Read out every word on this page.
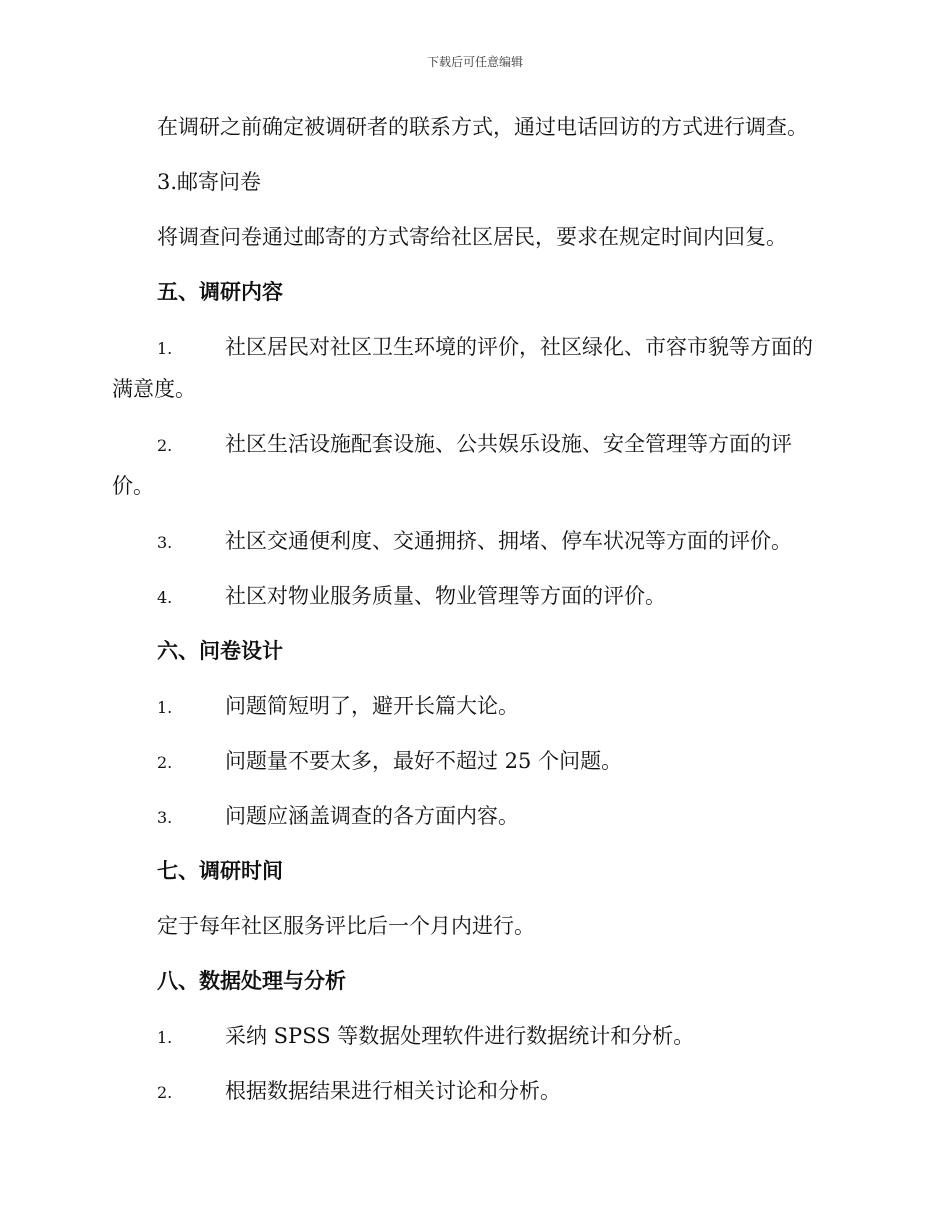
下载后可任意编辑
在调研之前确定被调研者的联系方式，通过电话回访的方式进行调查。
3.邮寄问卷
将调查问卷通过邮寄的方式寄给社区居民，要求在规定时间内回复。
五、调研内容
1.	社区居民对社区卫生环境的评价，社区绿化、市容市貌等方面的
满意度。
2.	社区生活设施配套设施、公共娱乐设施、安全管理等方面的评
价。
3.	社区交通便利度、交通拥挤、拥堵、停车状况等方面的评价。
4.	社区对物业服务质量、物业管理等方面的评价。
六、问卷设计
1.	问题简短明了，避开长篇大论。
2.	问题量不要太多，最好不超过 25 个问题。
3.	问题应涵盖调查的各方面内容。
七、调研时间
定于每年社区服务评比后一个月内进行。
八、数据处理与分析
1.	采纳 SPSS 等数据处理软件进行数据统计和分析。
2.	根据数据结果进行相关讨论和分析。
